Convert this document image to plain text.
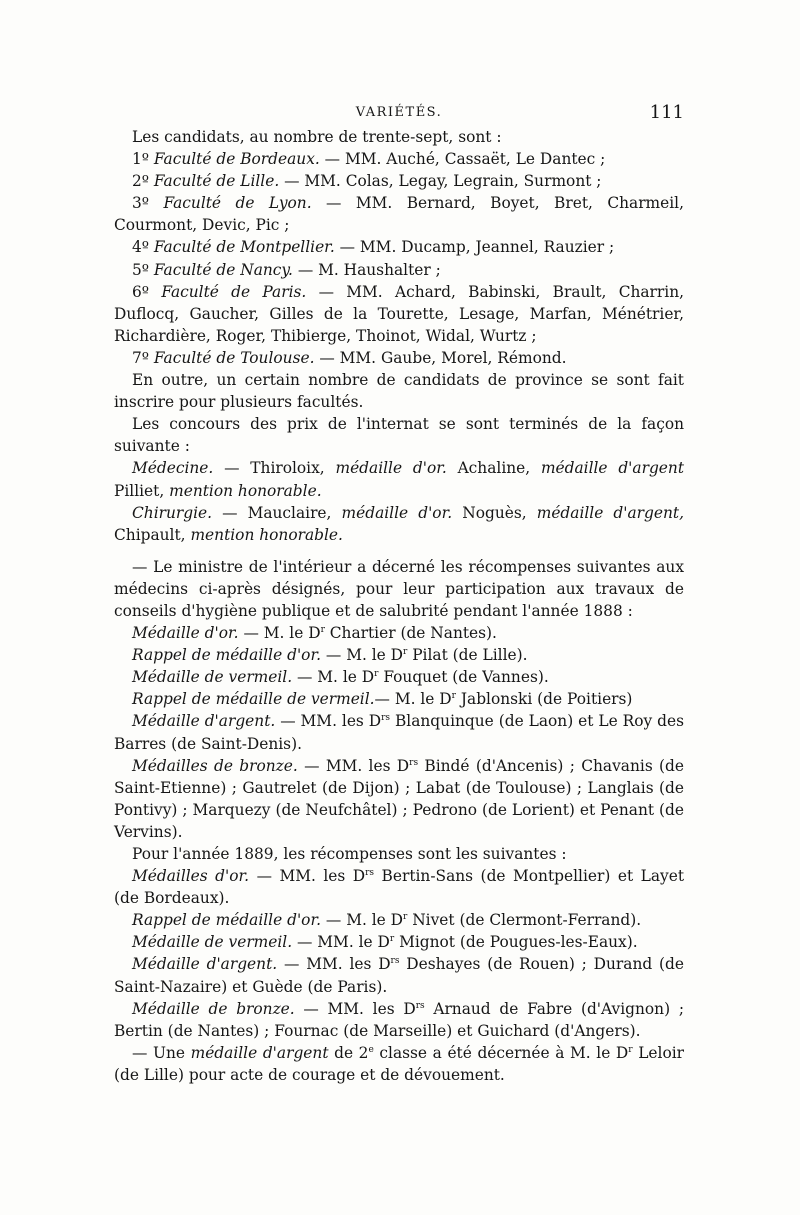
VARIÉTÉS.	111

Les candidats, au nombre de trente-sept, sont :

1º Faculté de Bordeaux. — MM. Auché, Cassaët, Le Dantec ;

2º Faculté de Lille. — MM. Colas, Legay, Legrain, Surmont ;

3º Faculté de Lyon. — MM. Bernard, Boyet, Bret, Charmeil, Courmont, Devic, Pic ;

4º Faculté de Montpellier. — MM. Ducamp, Jeannel, Rauzier ;

5º Faculté de Nancy. — M. Haushalter ;

6º Faculté de Paris. — MM. Achard, Babinski, Brault, Charrin, Duflocq, Gaucher, Gilles de la Tourette, Lesage, Marfan, Ménétrier, Richardière, Roger, Thibierge, Thoinot, Widal, Wurtz ;

7º Faculté de Toulouse. — MM. Gaube, Morel, Rémond.

En outre, un certain nombre de candidats de province se sont fait inscrire pour plusieurs facultés.

Les concours des prix de l'internat se sont terminés de la façon suivante :

Médecine. — Thiroloix, médaille d'or. Achaline, médaille d'argent Pilliet, mention honorable.

Chirurgie. — Mauclaire, médaille d'or. Noguès, médaille d'argent, Chipault, mention honorable.

— Le ministre de l'intérieur a décerné les récompenses suivantes aux médecins ci-après désignés, pour leur participation aux travaux de conseils d'hygiène publique et de salubrité pendant l'année 1888 :

Médaille d'or. — M. le $D^r$ Chartier (de Nantes).

Rappel de médaille d'or. — M. le $D^r$ Pilat (de Lille).

Médaille de vermeil. — M. le $D^r$ Fouquet (de Vannes).

Rappel de médaille de vermeil.— M. le $D^r$ Jablonski (de Poitiers)

Médaille d'argent. — MM. les $D^{rs}$ Blanquinque (de Laon) et Le Roy des Barres (de Saint-Denis).

Médailles de bronze. — MM. les $D^{rs}$ Bindé (d'Ancenis) ; Chavanis (de Saint-Etienne) ; Gautrelet (de Dijon) ; Labat (de Toulouse) ; Langlais (de Pontivy) ; Marquezy (de Neufchâtel) ; Pedrono (de Lorient) et Penant (de Vervins).

Pour l'année 1889, les récompenses sont les suivantes :

Médailles d'or. — MM. les $D^{rs}$ Bertin-Sans (de Montpellier) et Layet (de Bordeaux).

Rappel de médaille d'or. — M. le $D^r$ Nivet (de Clermont-Ferrand).

Médaille de vermeil. — MM. le $D^r$ Mignot (de Pougues-les-Eaux).

Médaille d'argent. — MM. les $D^{rs}$ Deshayes (de Rouen) ; Durand (de Saint-Nazaire) et Guède (de Paris).

Médaille de bronze. — MM. les $D^{rs}$ Arnaud de Fabre (d'Avignon) ; Bertin (de Nantes) ; Fournac (de Marseille) et Guichard (d'Angers).

— Une médaille d'argent de 2e classe a été décernée à M. le $D^r$ Leloir (de Lille) pour acte de courage et de dévouement.
